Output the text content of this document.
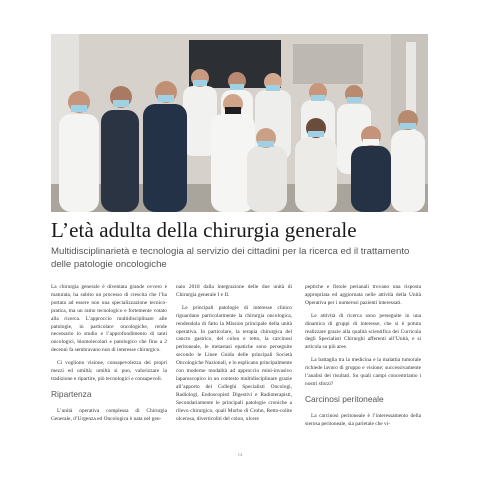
L’età adulta della chirurgia generale
Multidisciplinarietà e tecnologia al servizio dei cittadini per la ricerca ed il trattamento delle patologie oncologiche

La chirurgia generale è diventata grande ovvero è maturata, ha subito un processo di crescita che l’ha portata ad essere non una specializzazione tecnico-pratica, ma un ramo tecnologico e fortemente votato alla ricerca. L’approccio multidisciplinare alle patologie, in particolare oncologiche, rende necessario lo studio e l’approfondimento di tanti oncologici, biomolecolari e patologico che fino a 2 decenni fa sembravano non di interesse chirurgico.

Ci vogliono visione, consapevolezza dei propri mezzi ed umiltà; umiltà si puo, valorizzare la tradizione e ripartire, più tecnologici e consapevoli.

Ripartenza

L’unità operativa complessa di Chirurgia Generale, d’Urgenza ed Oncologica è nata nel gen-

naio 2018 dalla integrazione delle due unità di Chirurgia generale I e II.

Le principali patologie di interesse clinico riguardano particolarmente la chirurgia oncologica, rendendola di fatto la Mission principale della unità operativa. In particolare, la terapia chirurgica del cancro gastrico, del colon e retto, la carcinosi peritoneale, le metastasi epatiche sono perseguite secondo le Linee Guida delle principali Società Oncologiche Nazionali, e lo esplicano principalmente con moderne modalità ad approccio mini-invasivo laparoscopico in un contesto multidisciplinare grazie all’apporto dei Colleghi Specialisti Oncologi, Radiologi, Endoscopisti Digestivi e Radioterapisti, Secondariamente le principali patologie croniche a rilevo chirurgico, quali Morbo di Crohn, Retto-colite ulcerosa, diverticoliti del colon, ulcere

peptiche e fistole perianali trovano una risposta appropriata ed aggiornata nelle attività della Unità Operativa per i numerosi pazienti interessati.

Le attività di ricerca sono perseguite in una dinamica di gruppi di interesse, che si è potuta realizzare grazie alla qualità scientifica dei Curricula degli Specialisti Chirurghi afferenti all’Unità, e si articola su più aree.

La battaglia tra la medicina e la malattia tumorale richiede lavoro di gruppo e visione; successivamente l’analisi dei risultati. Su quali campi concentriamo i nostri sforzi?

Carcinosi peritoneale

La carcinosi peritoneale è l’interessamento della sierosa peritoneale, sia parietale che vi-

14
